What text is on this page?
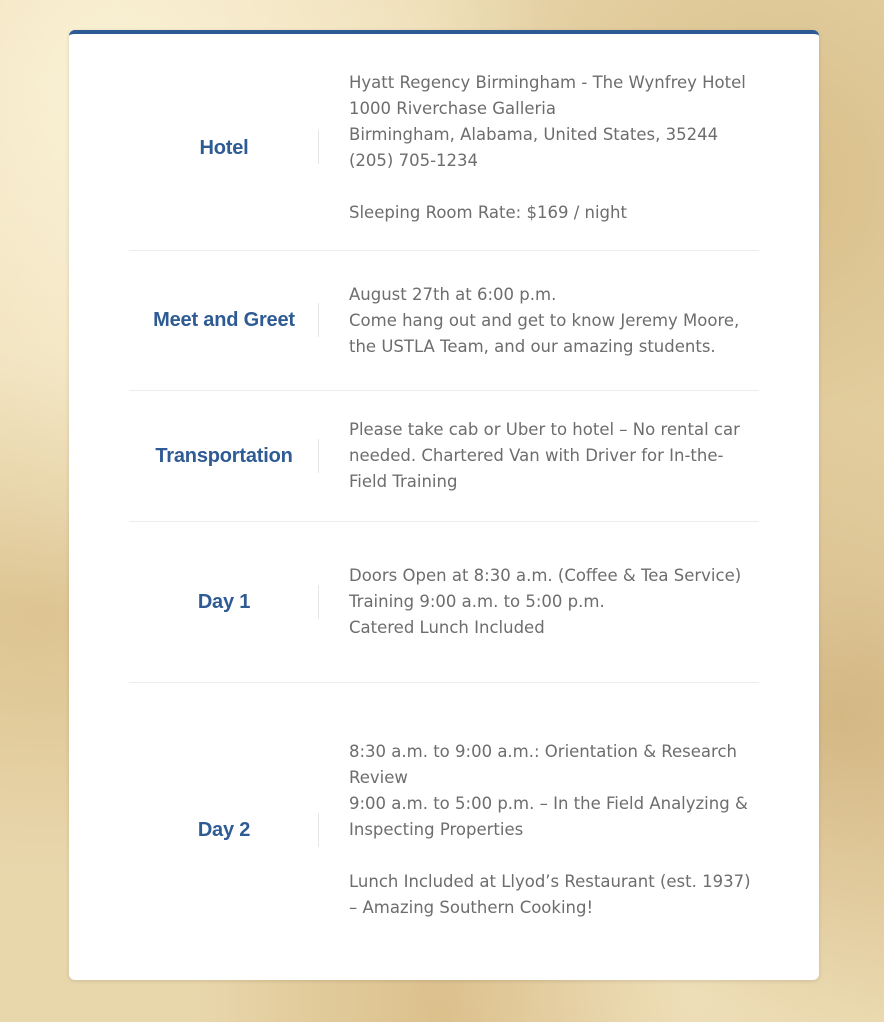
Hotel
Hyatt Regency Birmingham - The Wynfrey Hotel
1000 Riverchase Galleria
Birmingham, Alabama, United States, 35244
(205) 705-1234
Sleeping Room Rate: $169 / night
Meet and Greet
August 27th at 6:00 p.m.
Come hang out and get to know Jeremy Moore, the USTLA Team, and our amazing students.
Transportation
Please take cab or Uber to hotel – No rental car needed. Chartered Van with Driver for In-the-Field Training
Day 1
Doors Open at 8:30 a.m. (Coffee & Tea Service)
Training 9:00 a.m. to 5:00 p.m.
Catered Lunch Included
Day 2
8:30 a.m. to 9:00 a.m.: Orientation & Research Review
9:00 a.m. to 5:00 p.m. – In the Field Analyzing & Inspecting Properties
Lunch Included at Llyod’s Restaurant (est. 1937) – Amazing Southern Cooking!
